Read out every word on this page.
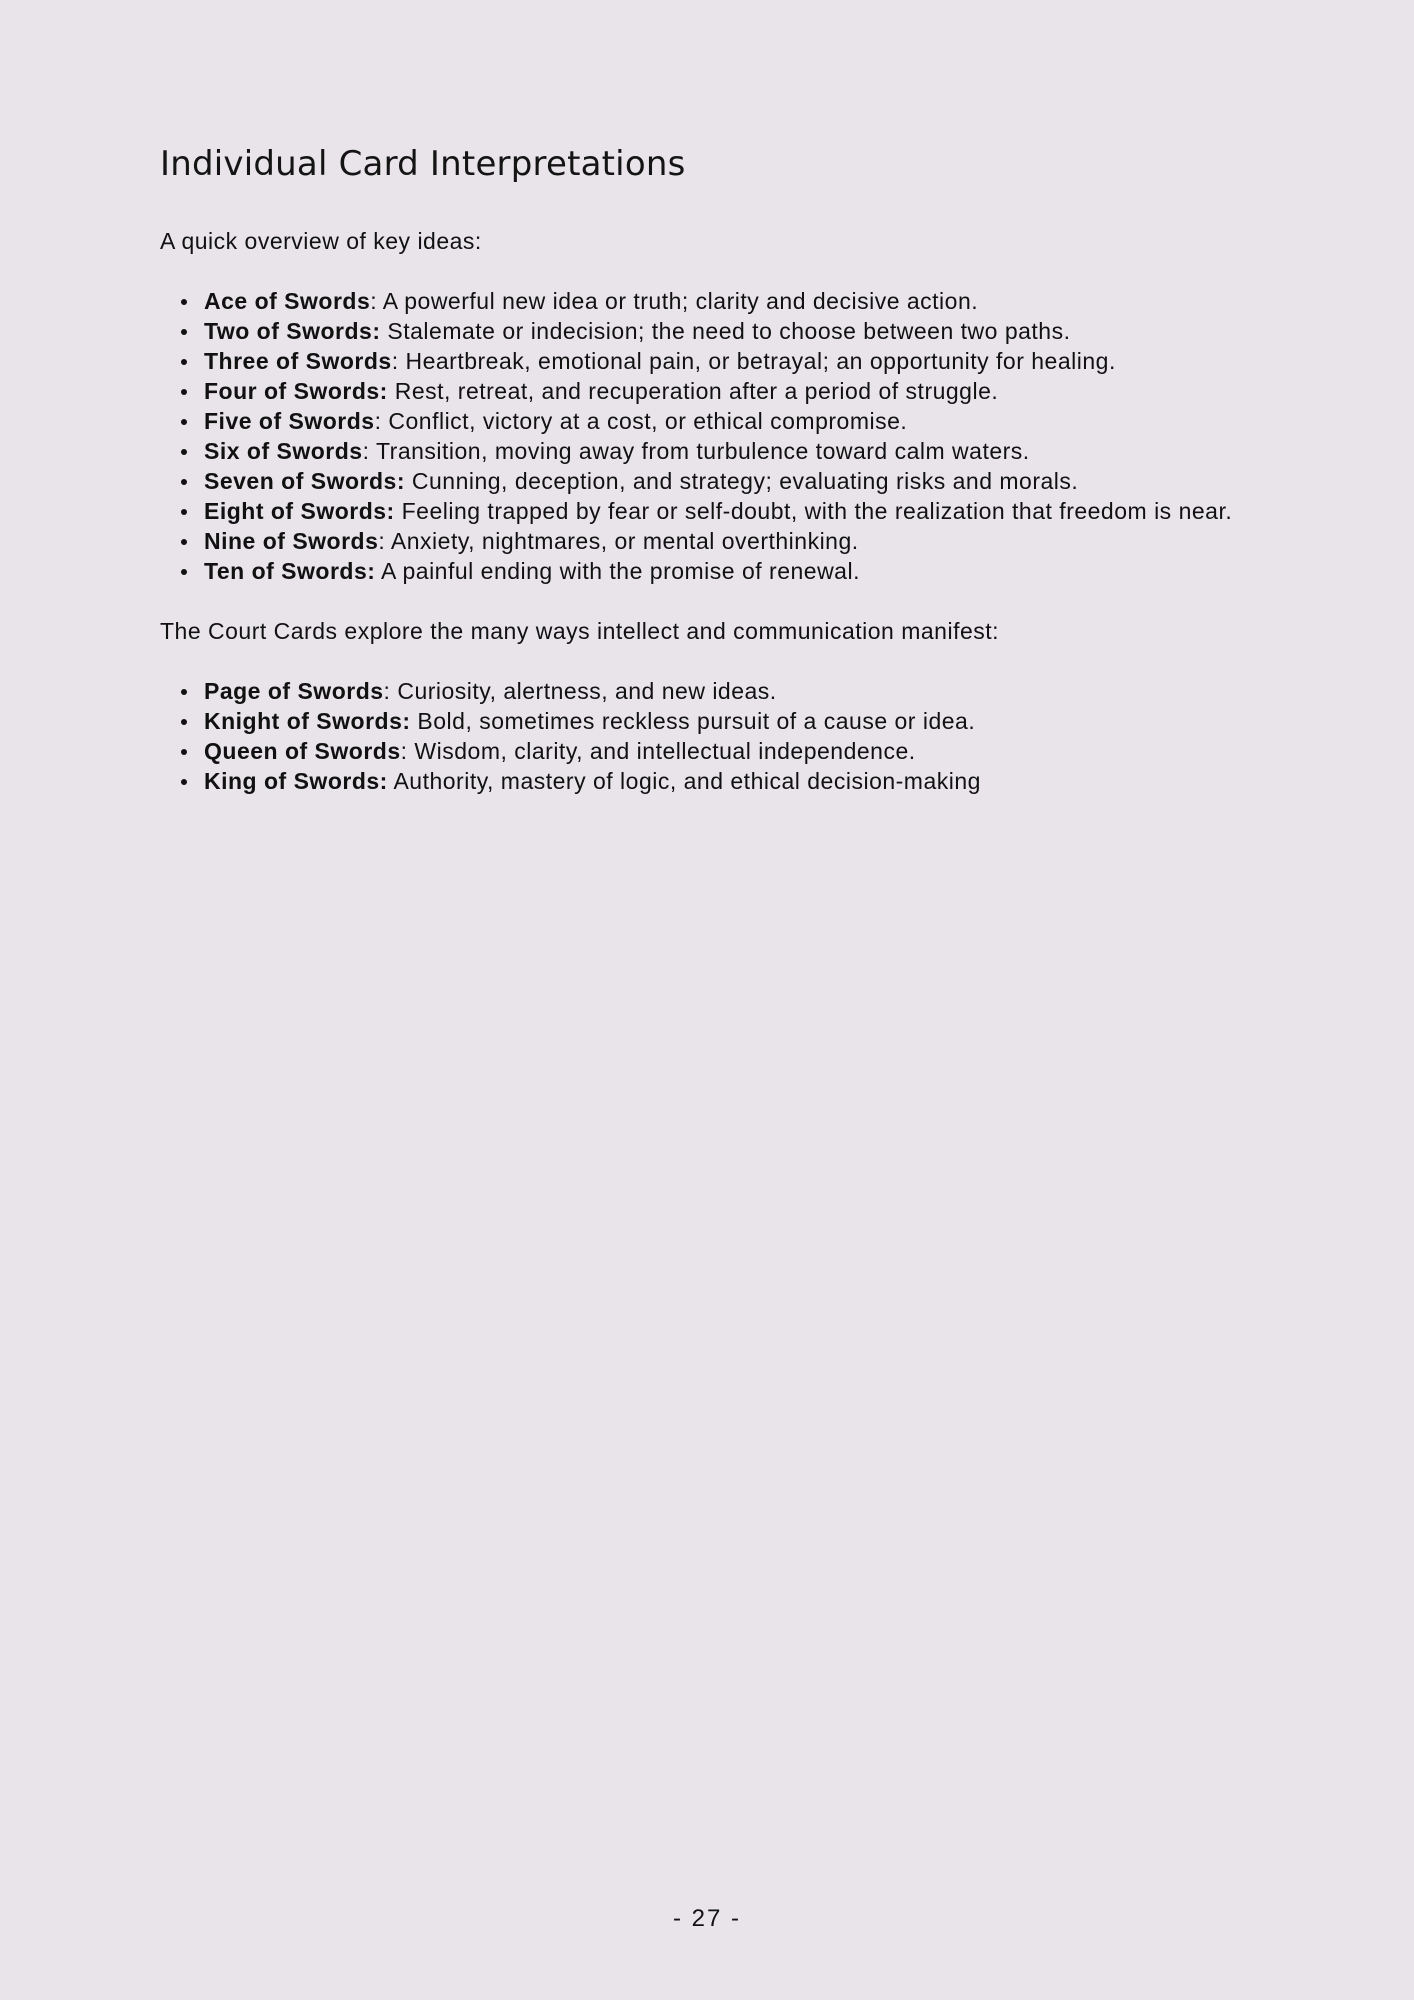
Individual Card Interpretations

A quick overview of key ideas:

Ace of Swords: A powerful new idea or truth; clarity and decisive action.
Two of Swords: Stalemate or indecision; the need to choose between two paths.
Three of Swords: Heartbreak, emotional pain, or betrayal; an opportunity for healing.
Four of Swords: Rest, retreat, and recuperation after a period of struggle.
Five of Swords: Conflict, victory at a cost, or ethical compromise.
Six of Swords: Transition, moving away from turbulence toward calm waters.
Seven of Swords: Cunning, deception, and strategy; evaluating risks and morals.
Eight of Swords: Feeling trapped by fear or self-doubt, with the realization that freedom is near.
Nine of Swords: Anxiety, nightmares, or mental overthinking.
Ten of Swords: A painful ending with the promise of renewal.

The Court Cards explore the many ways intellect and communication manifest:

Page of Swords: Curiosity, alertness, and new ideas.
Knight of Swords: Bold, sometimes reckless pursuit of a cause or idea.
Queen of Swords: Wisdom, clarity, and intellectual independence.
King of Swords: Authority, mastery of logic, and ethical decision-making
- 27 -
